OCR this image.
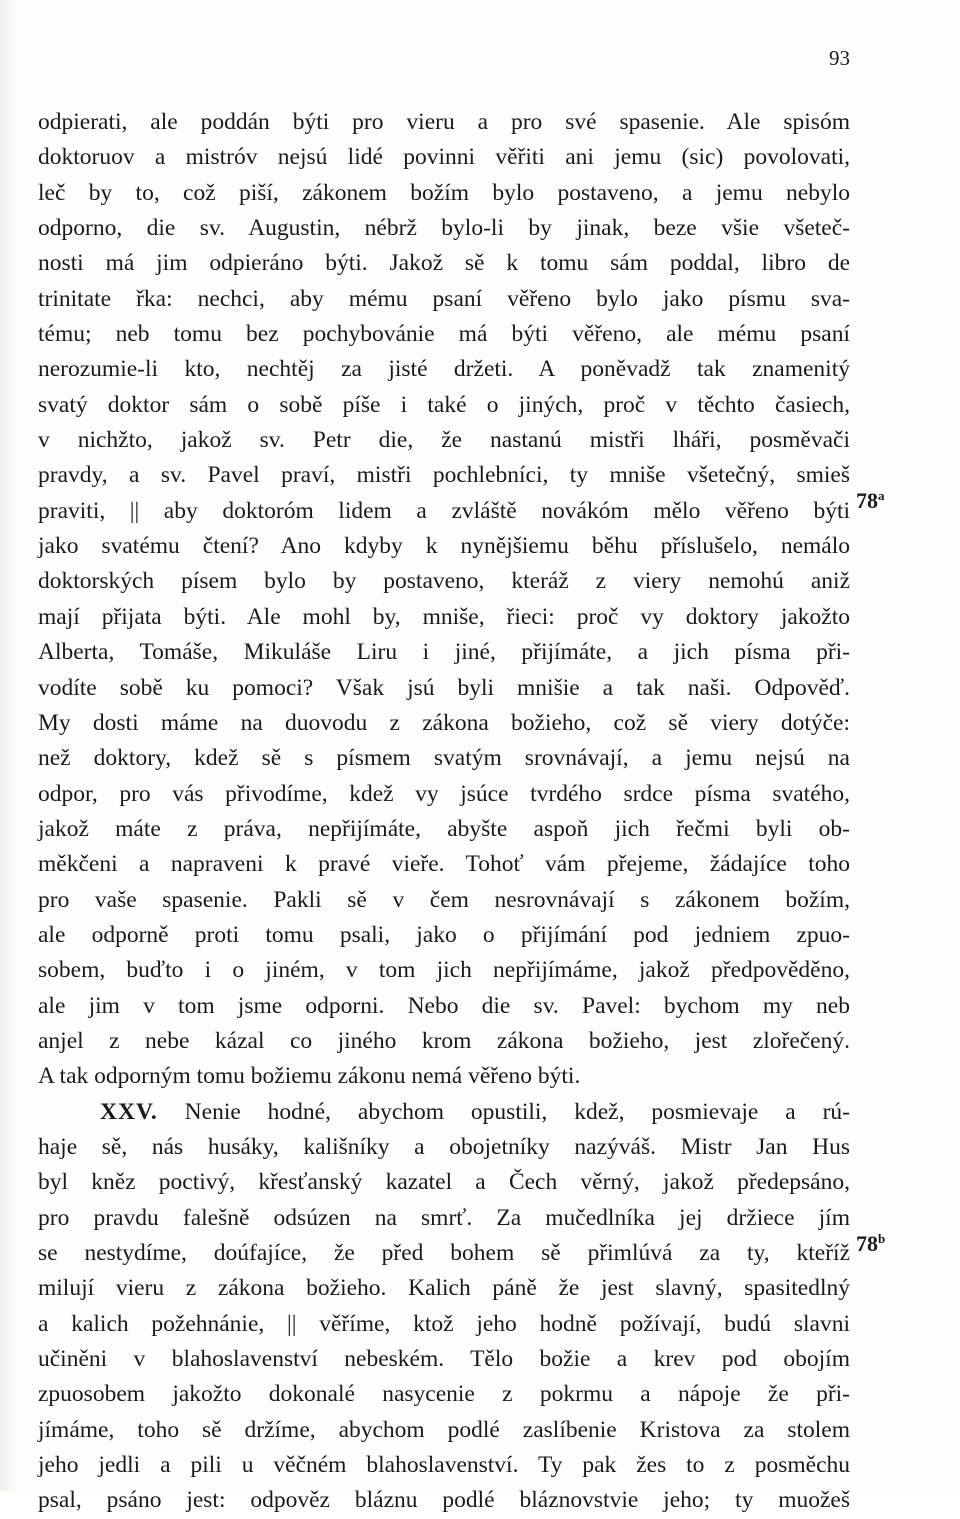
93
odpierati, ale poddán býti pro vieru a pro své spasenie. Ale spisóm
doktoruov a mistróv nejsú lidé povinni věřiti ani jemu (sic) povolovati,
leč by to, což piší, zákonem božím bylo postaveno, a jemu nebylo
odporno, die sv. Augustin, nébrž bylo-li by jinak, beze všie všeteč-
nosti má jim odpieráno býti. Jakož sě k tomu sám poddal, libro de
trinitate řka: nechci, aby mému psaní věřeno bylo jako písmu sva-
tému; neb tomu bez pochybovánie má býti věřeno, ale mému psaní
nerozumie-li kto, nechtěj za jisté držeti. A poněvadž tak znamenitý
svatý doktor sám o sobě píše i také o jiných, proč v těchto časiech,
v nichžto, jakož sv. Petr die, že nastanú mistři lháři, posměvači
pravdy, a sv. Pavel praví, mistři pochlebníci, ty mniše všetečný, smieš
praviti, || aby doktoróm lidem a zvláště novákóm mělo věřeno býti
jako svatému čtení? Ano kdyby k nynějšiemu běhu příslušelo, nemálo
doktorských písem bylo by postaveno, kteráž z viery nemohú aniž
mají přijata býti. Ale mohl by, mniše, řieci: proč vy doktory jakožto
Alberta, Tomáše, Mikuláše Liru i jiné, přijímáte, a jich písma při-
vodíte sobě ku pomoci? Však jsú byli mnišie a tak naši. Odpověď.
My dosti máme na duovodu z zákona božieho, což sě viery dotýče:
než doktory, kdež sě s písmem svatým srovnávají, a jemu nejsú na
odpor, pro vás přivodíme, kdež vy jsúce tvrdého srdce písma svatého,
jakož máte z práva, nepřijímáte, abyšte aspoň jich řečmi byli ob-
měkčeni a napraveni k pravé vieře. Tohoť vám přejeme, žádajíce toho
pro vaše spasenie. Pakli sě v čem nesrovnávají s zákonem božím,
ale odporně proti tomu psali, jako o přijímání pod jedniem zpuo-
sobem, buďto i o jiném, v tom jich nepřijímáme, jakož předpověděno,
ale jim v tom jsme odporni. Nebo die sv. Pavel: bychom my neb
anjel z nebe kázal co jiného krom zákona božieho, jest zlořečený.
A tak odporným tomu božiemu zákonu nemá věřeno býti.
XXV. Nenie hodné, abychom opustili, kdež, posmievaje a rú-
haje sě, nás husáky, kališníky a obojetníky nazýváš. Mistr Jan Hus
byl kněz poctivý, křesťanský kazatel a Čech věrný, jakož předepsáno,
pro pravdu falešně odsúzen na smrť. Za mučedlníka jej držiece jím
se nestydíme, doúfajíce, že před bohem sě přimlúvá za ty, kteříž
milují vieru z zákona božieho. Kalich páně že jest slavný, spasitedlný
a kalich požehnánie, || věříme, ktož jeho hodně požívají, budú slavni
učiněni v blahoslavenství nebeském. Tělo božie a krev pod obojím
zpuosobem jakožto dokonalé nasycenie z pokrmu a nápoje že při-
jímáme, toho sě držíme, abychom podlé zaslíbenie Kristova za stolem
jeho jedli a pili u věčném blahoslavenství. Ty pak žes to z posměchu
psal, psáno jest: odpověz bláznu podlé bláznovstvie jeho; ty muožeš
78$^a$
78$^b$
